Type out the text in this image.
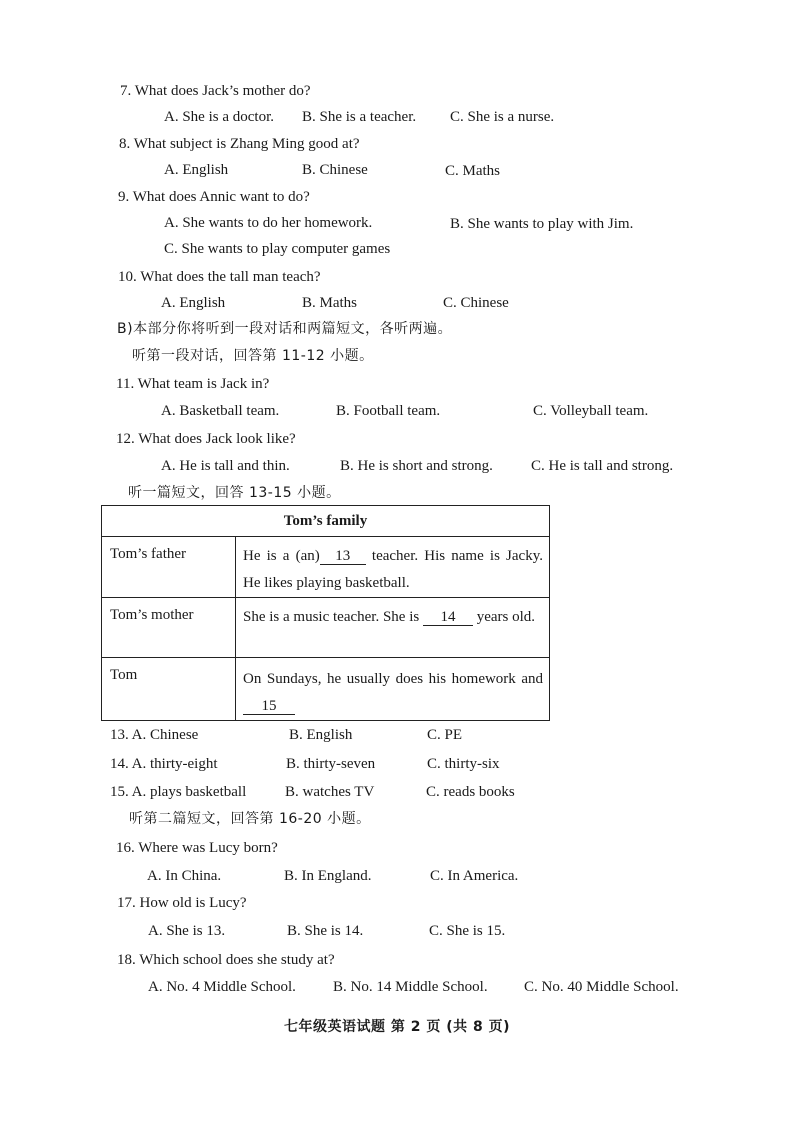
7. What does Jack’s mother do?
A. She is a doctor. B. She is a teacher. C. She is a nurse.
8. What subject is Zhang Ming good at?
A. English	B. Chinese	C. Maths
9. What does Annic want to do?
A. She wants to do her homework.	B. She wants to play with Jim.
C. She wants to play computer games
10. What does the tall man teach?
A. English	B. Maths	C. Chinese
B)本部分你将听到一段对话和两篇短文，各听两遍。
听第一段对话，回答第 11-12 小题。
11. What team is Jack in?
A. Basketball team.	B. Football team.	C. Volleyball team.
12. What does Jack look like?
A. He is tall and thin.	B. He is short and strong.	C. He is tall and strong.
听一篇短文，回答 13-15 小题。
Tom’s family	
Tom’s father	He is a (an) 13 teacher. His name is Jacky. He likes playing basketball.
Tom’s mother	She is a music teacher. She is 14 years old.
Tom	On Sundays, he usually does his homework and 15
13. A. Chinese	B. English	C. PE
14. A. thirty-eight	B. thirty-seven	C. thirty-six
15. A. plays basketball	B. watches TV	C. reads books
听第二篇短文，回答第 16-20 小题。
16. Where was Lucy born?
A. In China.	B. In England.	C. In America.
17. How old is Lucy?
A. She is 13.	B. She is 14.	C. She is 15.
18. Which school does she study at?
A. No. 4 Middle School. B. No. 14 Middle School. C. No. 40 Middle School.
七年级英语试题 第 2 页 (共 8 页)
